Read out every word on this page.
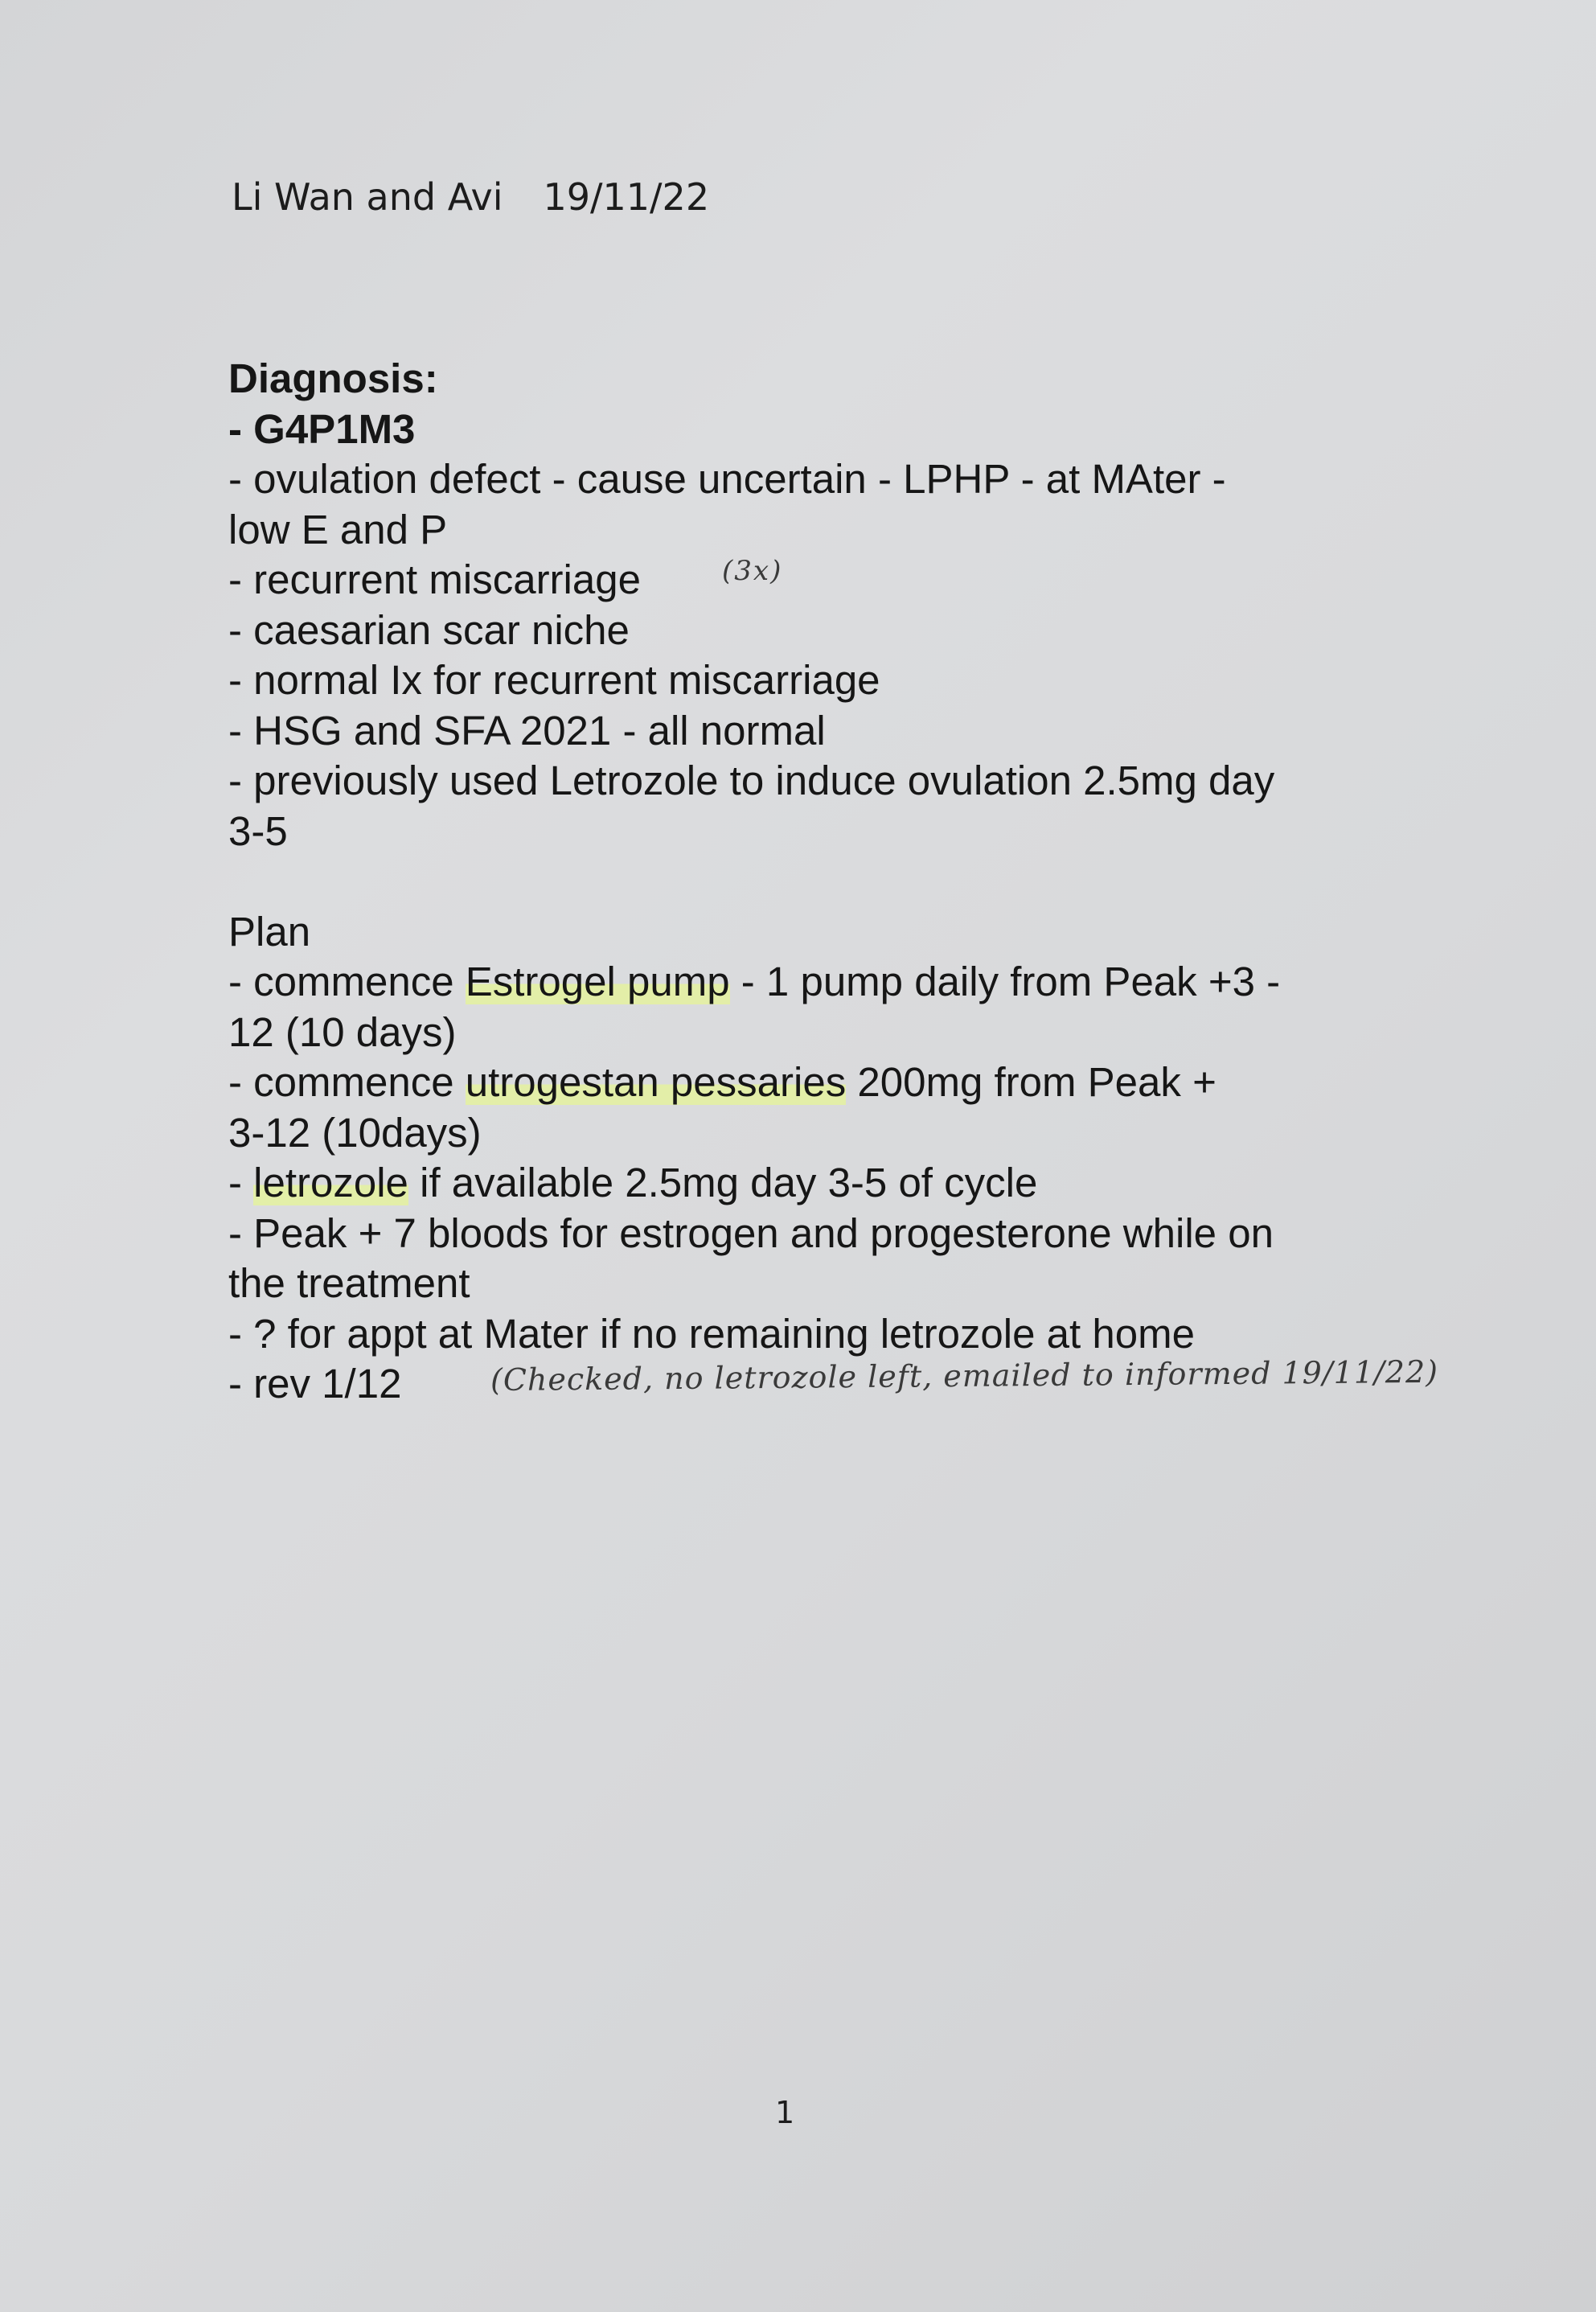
Li Wan and Avi 19/11/22
Diagnosis:
- G4P1M3
- ovulation defect - cause uncertain - LPHP - at MAter -
low E and P
- recurrent miscarriage
- caesarian scar niche
- normal Ix for recurrent miscarriage
- HSG and SFA 2021 - all normal
- previously used Letrozole to induce ovulation 2.5mg day
3-5
Plan
- commence Estrogel pump - 1 pump daily from Peak +3 -
12 (10 days)
- commence utrogestan pessaries 200mg from Peak +
3-12 (10days)
- letrozole if available 2.5mg day 3-5 of cycle
- Peak + 7 bloods for estrogen and progesterone while on
the treatment
- ? for appt at Mater if no remaining letrozole at home
- rev 1/12
(3x)
(Checked, no letrozole left, emailed to informed 19/11/22)
1
